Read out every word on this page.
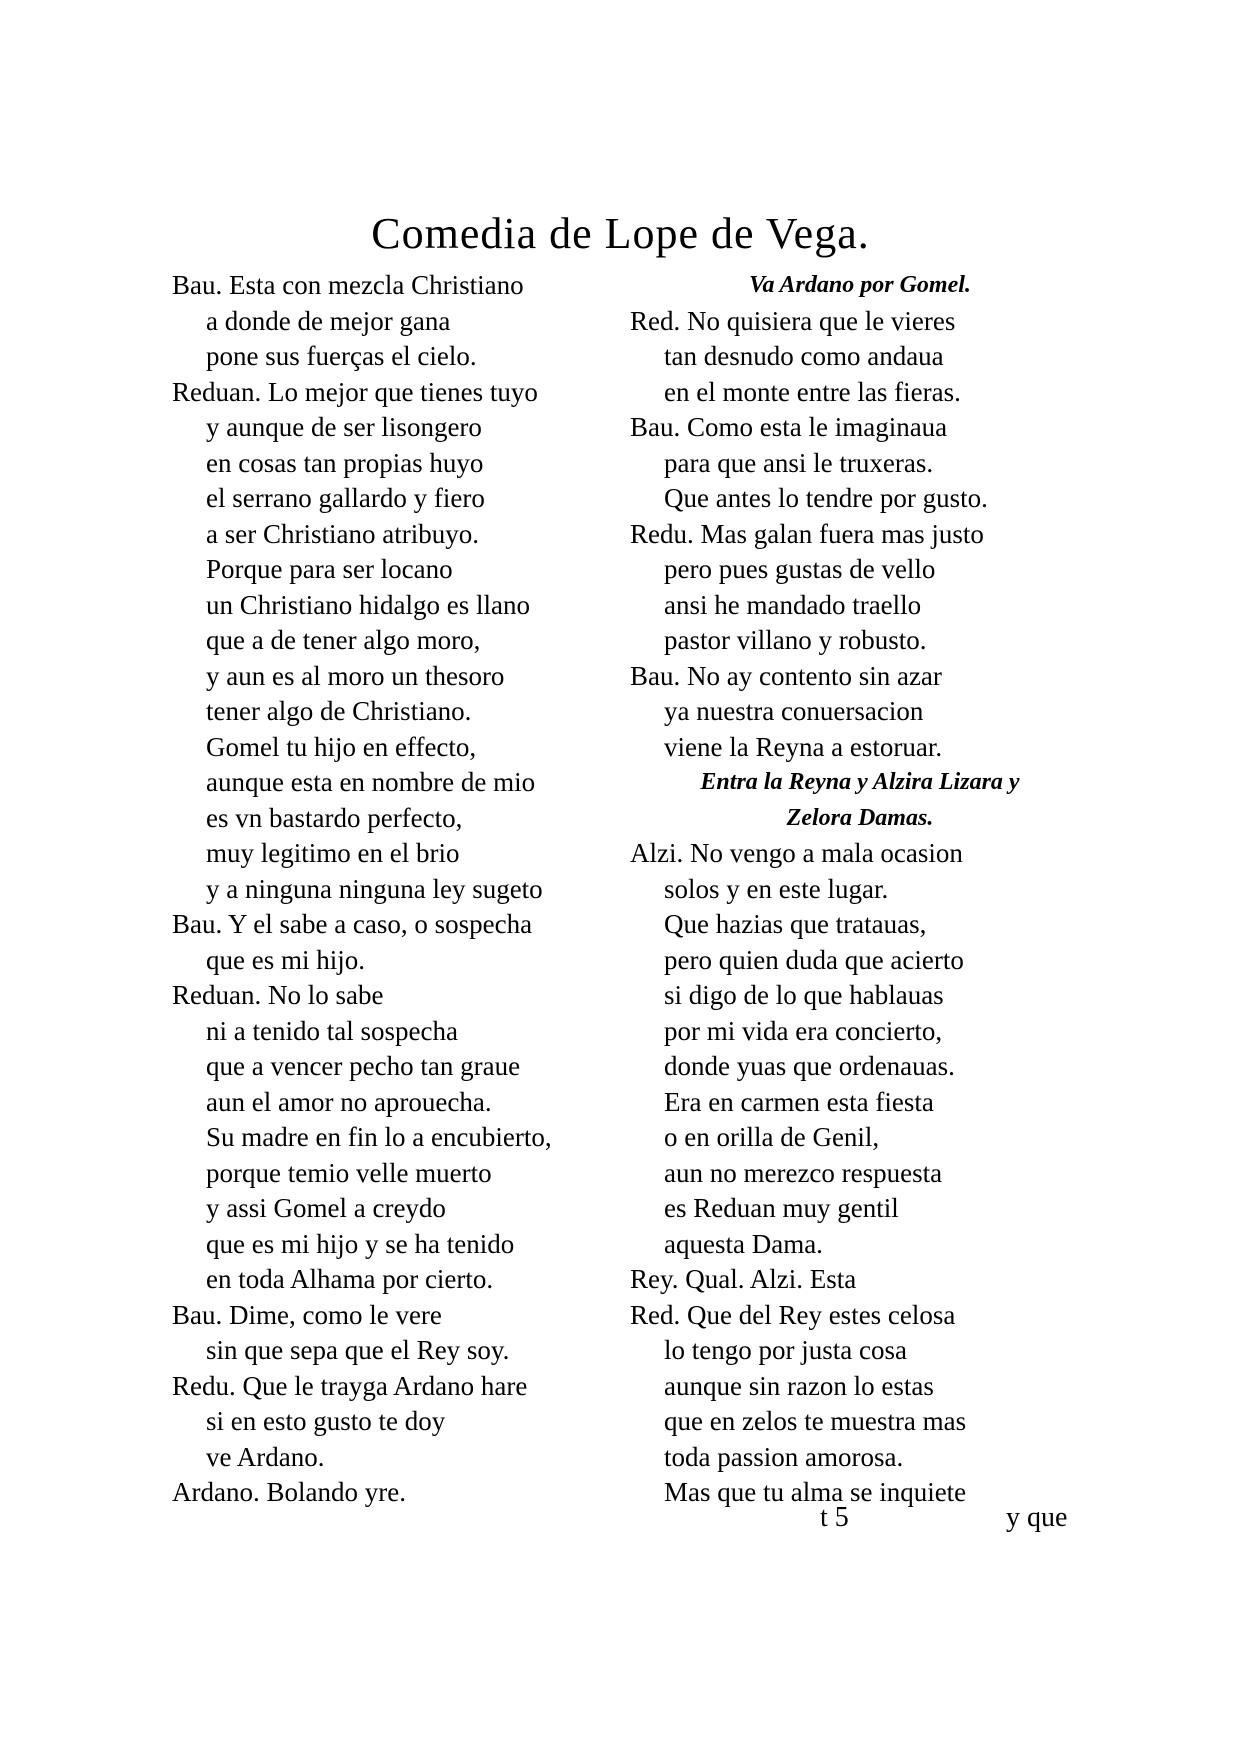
Comedia de Lope de Vega.
Bau. Esta con mezcla Christiano
a donde de mejor gana
pone sus fuerças el cielo.
Reduan. Lo mejor que tienes tuyo
y aunque de ser lisongero
en cosas tan propias huyo
el serrano gallardo y fiero
a ser Christiano atribuyo.
Porque para ser locano
un Christiano hidalgo es llano
que a de tener algo moro,
y aun es al moro un thesoro
tener algo de Christiano.
Gomel tu hijo en effecto,
aunque esta en nombre de mio
es vn bastardo perfecto,
muy legitimo en el brio
y a ninguna ninguna ley sugeto
Bau. Y el sabe a caso, o sospecha
que es mi hijo.
Reduan. No lo sabe
ni a tenido tal sospecha
que a vencer pecho tan graue
aun el amor no aprouecha.
Su madre en fin lo a encubierto,
porque temio velle muerto
y assi Gomel a creydo
que es mi hijo y se ha tenido
en toda Alhama por cierto.
Bau. Dime, como le vere
sin que sepa que el Rey soy.
Redu. Que le trayga Ardano hare
si en esto gusto te doy
ve Ardano.
Ardano. Bolando yre.
Va Ardano por Gomel.
Red. No quisiera que le vieres
tan desnudo como andaua
en el monte entre las fieras.
Bau. Como esta le imaginaua
para que ansi le truxeras.
Que antes lo tendre por gusto.
Redu. Mas galan fuera mas justo
pero pues gustas de vello
ansi he mandado traello
pastor villano y robusto.
Bau. No ay contento sin azar
ya nuestra conuersacion
viene la Reyna a estoruar.
Entra la Reyna y Alzira Lizara y
Zelora Damas.
Alzi. No vengo a mala ocasion
solos y en este lugar.
Que hazias que tratauas,
pero quien duda que acierto
si digo de lo que hablauas
por mi vida era concierto,
donde yuas que ordenauas.
Era en carmen esta fiesta
o en orilla de Genil,
aun no merezco respuesta
es Reduan muy gentil
aquesta Dama.
Rey. Qual. Alzi. Esta
Red. Que del Rey estes celosa
lo tengo por justa cosa
aunque sin razon lo estas
que en zelos te muestra mas
toda passion amorosa.
Mas que tu alma se inquiete
t 5	y que
